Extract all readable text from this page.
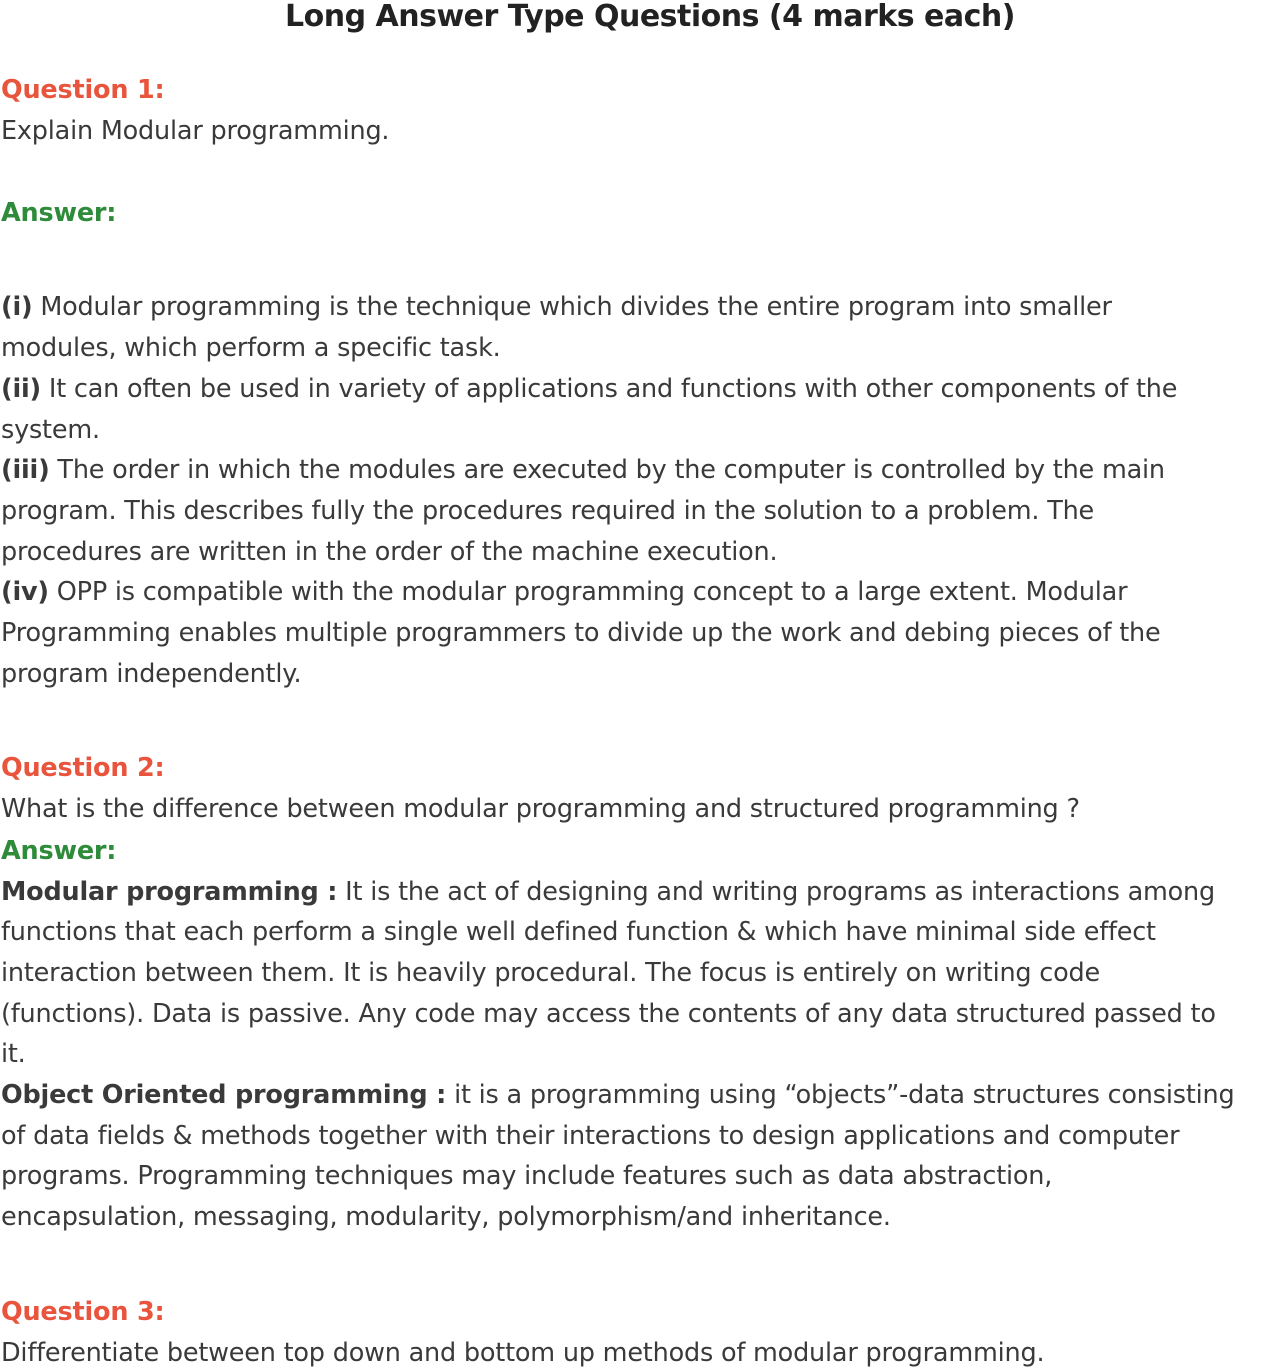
Long Answer Type Questions (4 marks each)
Question 1:
Explain Modular programming.
Answer:
(i) Modular programming is the technique which divides the entire program into smaller
modules, which perform a specific task.
(ii) It can often be used in variety of applications and functions with other components of the
system.
(iii) The order in which the modules are executed by the computer is controlled by the main
program. This describes fully the procedures required in the solution to a problem. The
procedures are written in the order of the machine execution.
(iv) OPP is compatible with the modular programming concept to a large extent. Modular
Programming enables multiple programmers to divide up the work and debing pieces of the
program independently.
Question 2:
What is the difference between modular programming and structured programming ?
Answer:
Modular programming : It is the act of designing and writing programs as interactions among
functions that each perform a single well defined function & which have minimal side effect
interaction between them. It is heavily procedural. The focus is entirely on writing code
(functions). Data is passive. Any code may access the contents of any data structured passed to
it.
Object Oriented programming : it is a programming using “objects”-data structures consisting
of data fields & methods together with their interactions to design applications and computer
programs. Programming techniques may include features such as data abstraction,
encapsulation, messaging, modularity, polymorphism/and inheritance.
Question 3:
Differentiate between top down and bottom up methods of modular programming.
